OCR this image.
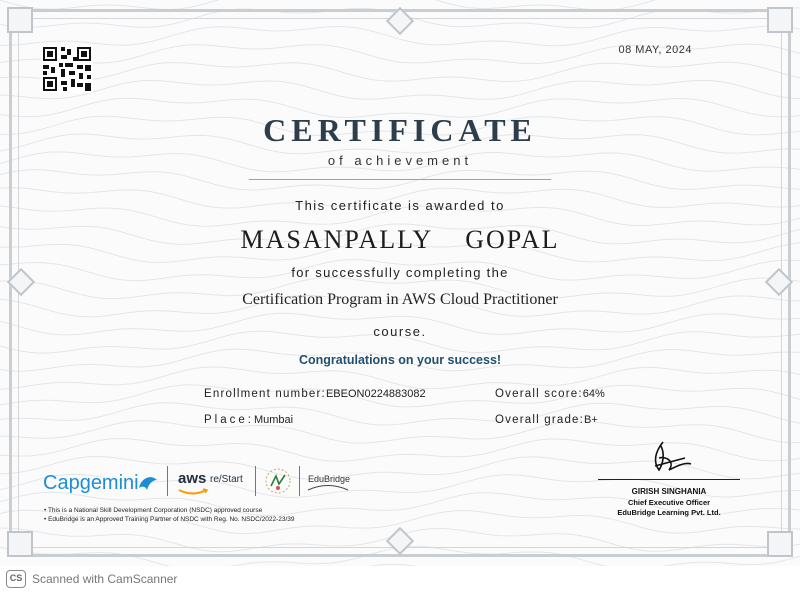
08 MAY, 2024
CERTIFICATE
of achievement
This certificate is awarded to
MASANPALLY  GOPAL
for successfully completing the
Certification Program in AWS Cloud Practitioner
course.
Congratulations on your success!
Enrollment number:EBEON0224883082
Place:Mumbai
Overall score:64%
Overall grade:B+
Capgemini	aws re/Start	EduBridge
• This is a National Skill Development Corporation (NSDC) approved course
• EduBridge is an Approved Training Partner of NSDC with Reg. No. NSDC/2022-23/39
GIRISH SINGHANIA
Chief Executive Officer
EduBridge Learning Pvt. Ltd.
CS Scanned with CamScanner
